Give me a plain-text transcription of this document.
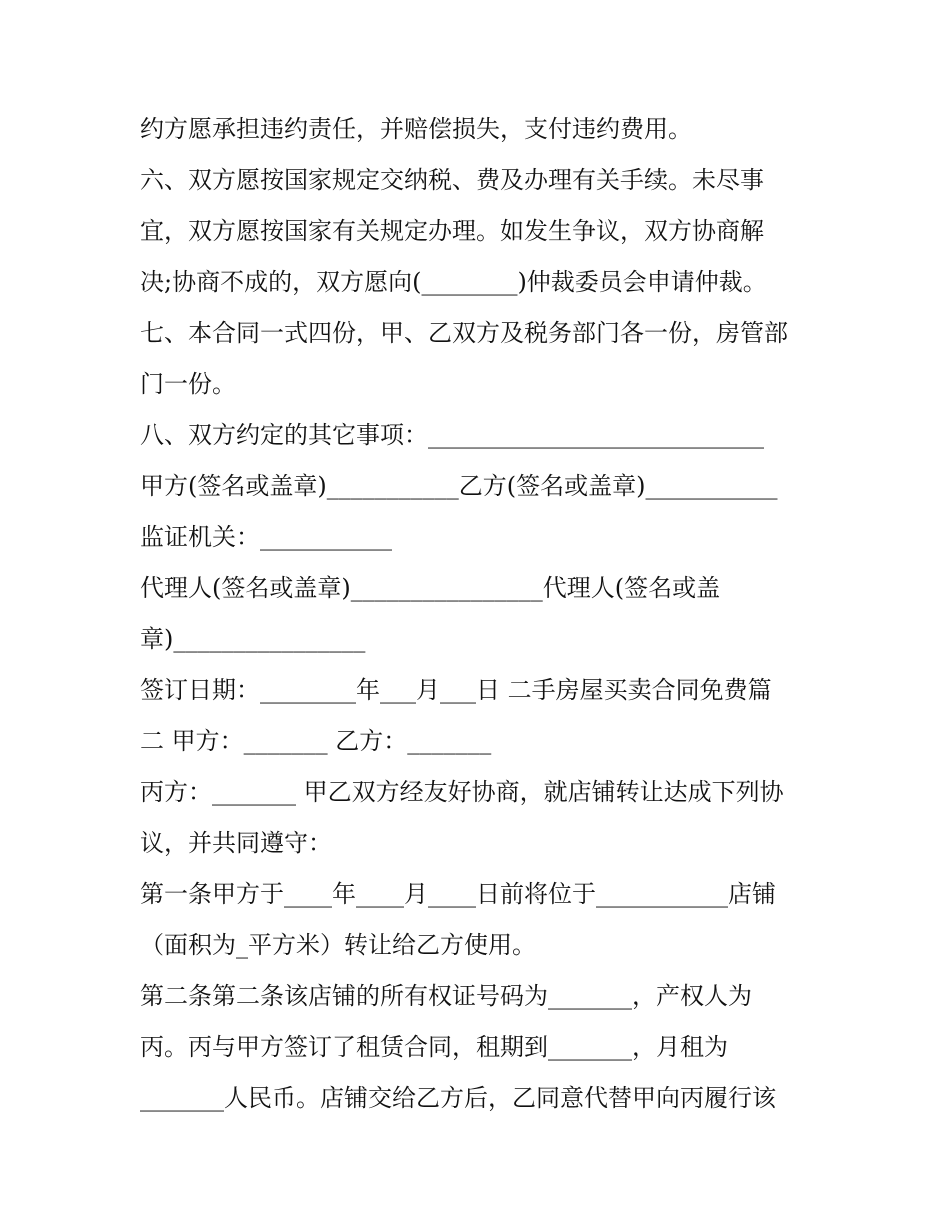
约方愿承担违约责任，并赔偿损失，支付违约费用。
六、双方愿按国家规定交纳税、费及办理有关手续。未尽事
宜，双方愿按国家有关规定办理。如发生争议，双方协商解
决;协商不成的，双方愿向(________)仲裁委员会申请仲裁。
七、本合同一式四份，甲、乙双方及税务部门各一份，房管部
门一份。
八、双方约定的其它事项：____________________________
甲方(签名或盖章)___________乙方(签名或盖章)___________
监证机关：___________
代理人(签名或盖章)________________代理人(签名或盖
章)________________
签订日期：________年___月___日 二手房屋买卖合同免费篇
二 甲方：_______ 乙方：_______
丙方：_______ 甲乙双方经友好协商，就店铺转让达成下列协
议，并共同遵守：
第一条甲方于____年____月____日前将位于___________店铺
（面积为_平方米）转让给乙方使用。
第二条第二条该店铺的所有权证号码为_______，产权人为
丙。丙与甲方签订了租赁合同，租期到_______，月租为
_______人民币。店铺交给乙方后，乙同意代替甲向丙履行该
